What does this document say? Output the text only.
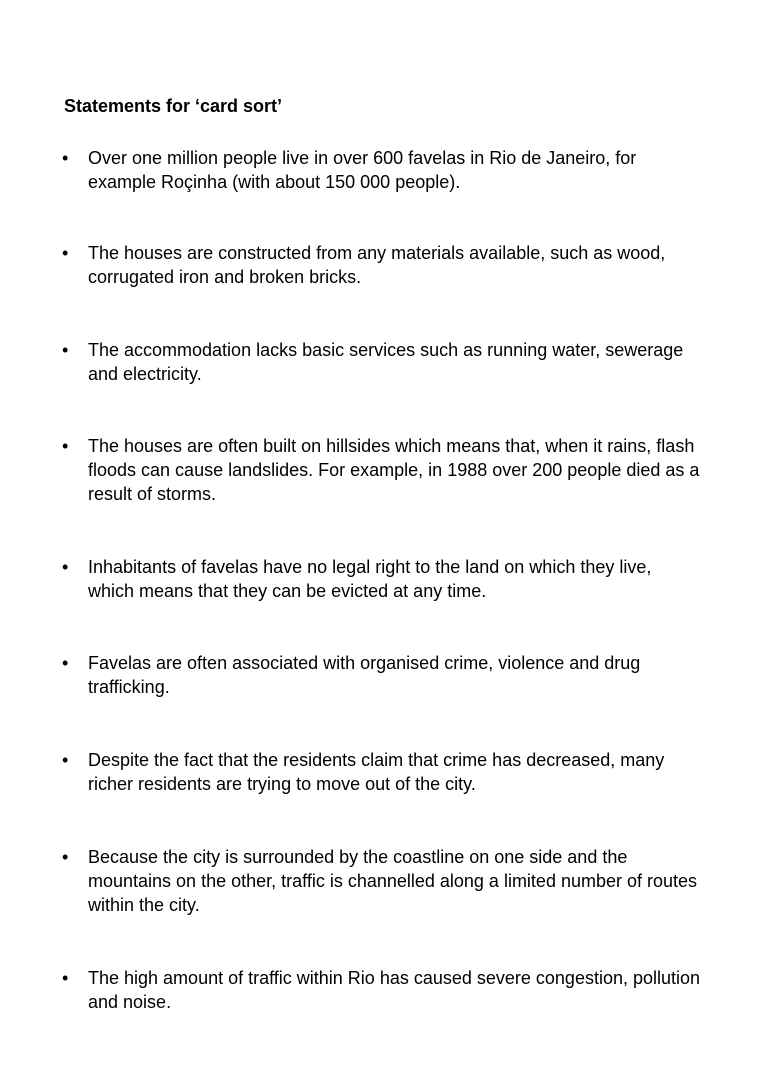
Statements for ‘card sort’
•	Over one million people live in over 600 favelas in Rio de Janeiro, for example Roçinha (with about 150 000 people).
•	The houses are constructed from any materials available, such as wood, corrugated iron and broken bricks.
•	The accommodation lacks basic services such as running water, sewerage and electricity.
•	The houses are often built on hillsides which means that, when it rains, flash floods can cause landslides. For example, in 1988 over 200 people died as a result of storms.
•	Inhabitants of favelas have no legal right to the land on which they live, which means that they can be evicted at any time.
•	Favelas are often associated with organised crime, violence and drug trafficking.
•	Despite the fact that the residents claim that crime has decreased, many richer residents are trying to move out of the city.
•	Because the city is surrounded by the coastline on one side and the mountains on the other, traffic is channelled along a limited number of routes within the city.
•	The high amount of traffic within Rio has caused severe congestion, pollution and noise.
